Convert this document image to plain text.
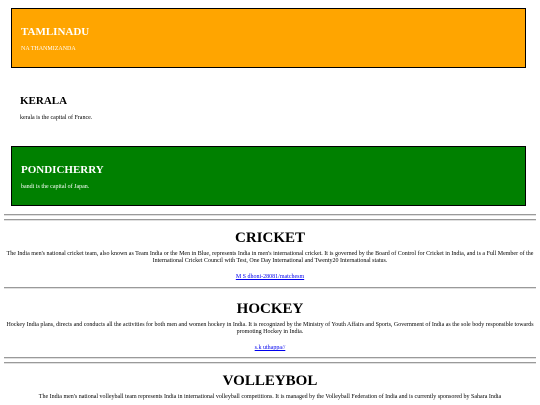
TAMLINADU

NA THANMIZANDA

KERALA

kerala is the capital of France.

PONDICHERRY

bandi is the capital of Japan.

CRICKET

The India men's national cricket team, also known as Team India or the Men in Blue, represents India in men's international cricket. It is governed by the Board of Control for Cricket in India, and is a Full Member of the International Cricket Council with Test, One Day International and Twenty20 International status.

M S dhoni-28081/matchesm
HOCKEY

Hockey India plans, directs and conducts all the activities for both men and women hockey in India. It is recognized by the Ministry of Youth Affairs and Sports, Government of India as the sole body responsible towards promoting Hockey in India.

s.k uthappa//
VOLLEYBOL

The India men's national volleyball team represents India in international volleyball competitions. It is managed by the Volleyball Federation of India and is currently sponsored by Sahara India
